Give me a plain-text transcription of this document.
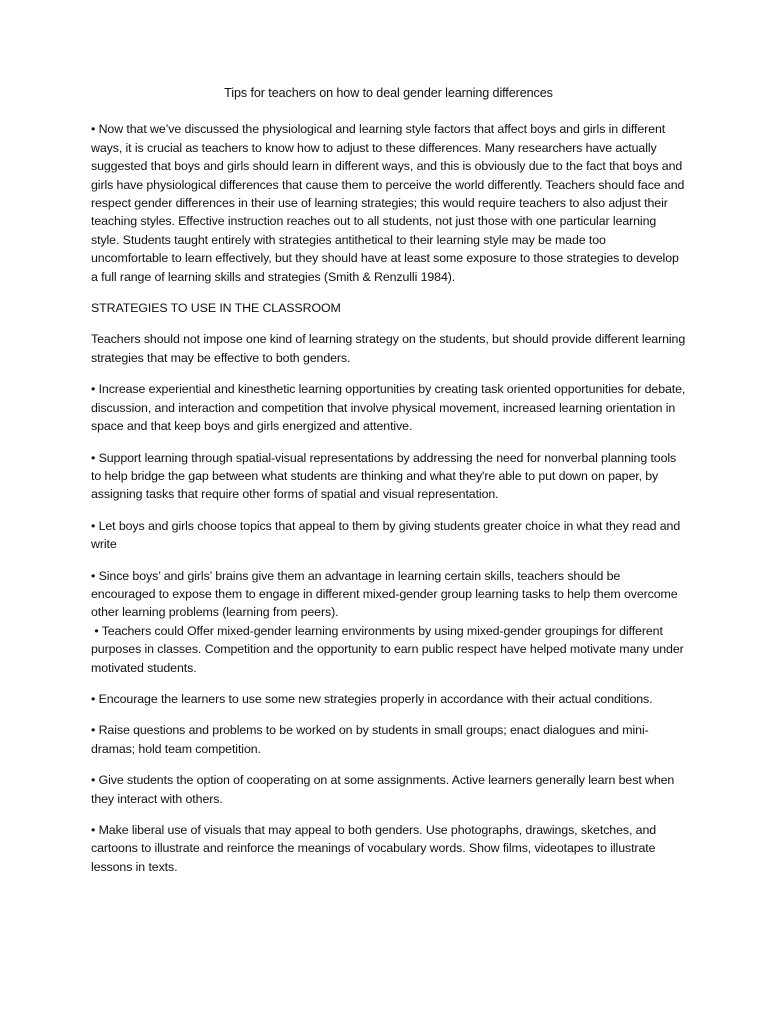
Tips for teachers on how to deal gender learning differences

• Now that we’ve discussed the physiological and learning style factors that affect boys and girls in different ways, it is crucial as teachers to know how to adjust to these differences. Many researchers have actually suggested that boys and girls should learn in different ways, and this is obviously due to the fact that boys and girls have physiological differences that cause them to perceive the world differently. Teachers should face and respect gender differences in their use of learning strategies; this would require teachers to also adjust their teaching styles. Effective instruction reaches out to all students, not just those with one particular learning style. Students taught entirely with strategies antithetical to their learning style may be made too uncomfortable to learn effectively, but they should have at least some exposure to those strategies to develop a full range of learning skills and strategies (Smith & Renzulli 1984).

STRATEGIES TO USE IN THE CLASSROOM

Teachers should not impose one kind of learning strategy on the students, but should provide different learning strategies that may be effective to both genders.

• Increase experiential and kinesthetic learning opportunities by creating task oriented opportunities for debate, discussion, and interaction and competition that involve physical movement, increased learning orientation in space and that keep boys and girls energized and attentive.

• Support learning through spatial-visual representations by addressing the need for nonverbal planning tools to help bridge the gap between what students are thinking and what they're able to put down on paper, by assigning tasks that require other forms of spatial and visual representation.

• Let boys and girls choose topics that appeal to them by giving students greater choice in what they read and write

• Since boys’ and girls’ brains give them an advantage in learning certain skills, teachers should be encouraged to expose them to engage in different mixed-gender group learning tasks to help them overcome other learning problems (learning from peers).

• Teachers could Offer mixed-gender learning environments by using mixed-gender groupings for different purposes in classes. Competition and the opportunity to earn public respect have helped motivate many under motivated students.

• Encourage the learners to use some new strategies properly in accordance with their actual conditions.

• Raise questions and problems to be worked on by students in small groups; enact dialogues and mini-dramas; hold team competition.

• Give students the option of cooperating on at some assignments. Active learners generally learn best when they interact with others.

• Make liberal use of visuals that may appeal to both genders. Use photographs, drawings, sketches, and cartoons to illustrate and reinforce the meanings of vocabulary words. Show films, videotapes to illustrate lessons in texts.
